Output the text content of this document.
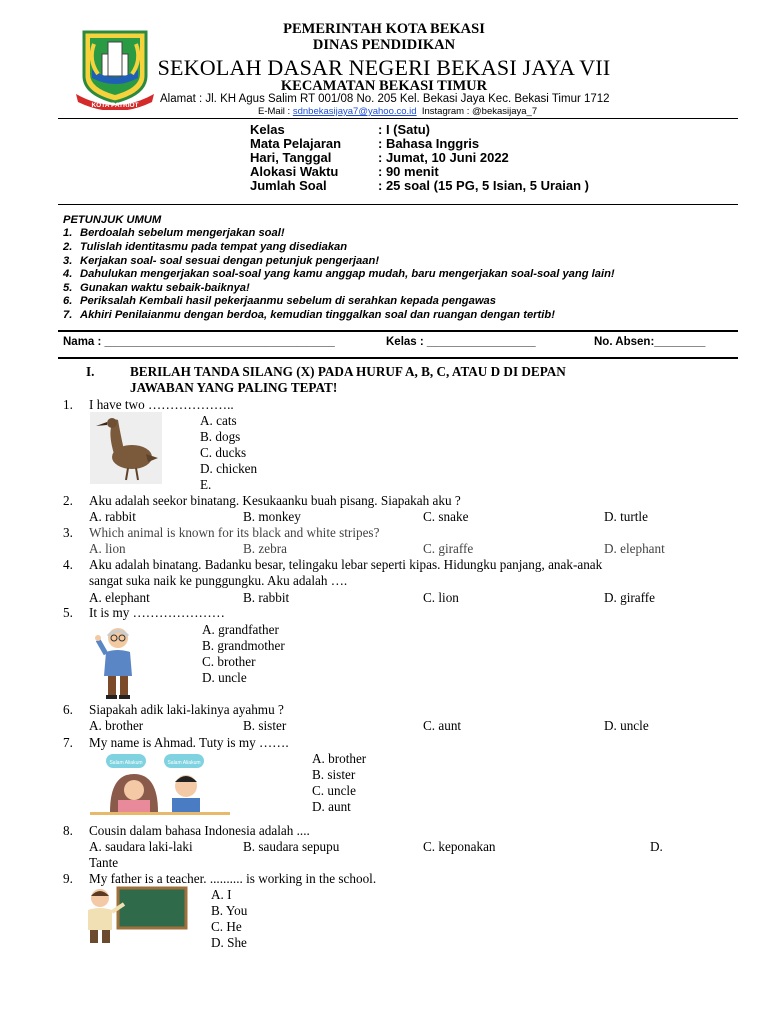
KOTA PATRIOT
PEMERINTAH KOTA BEKASI
DINAS PENDIDIKAN
SEKOLAH DASAR NEGERI BEKASI JAYA VII
KECAMATAN BEKASI TIMUR
Alamat : Jl. KH Agus Salim RT 001/08 No. 205 Kel. Bekasi Jaya Kec. Bekasi Timur 1712
E-Mail : sdnbekasijaya7@yahoo.co.id Instagram : @bekasijaya_7
Kelas	: I (Satu)
Mata Pelajaran	: Bahasa Inggris
Hari, Tanggal	: Jumat, 10 Juni 2022
Alokasi Waktu	: 90 menit
Jumlah Soal	: 25 soal (15 PG, 5 Isian, 5 Uraian )
PETUNJUK UMUM
1. Berdoalah sebelum mengerjakan soal!
2. Tulislah identitasmu pada tempat yang disediakan
3. Kerjakan soal- soal sesuai dengan petunjuk pengerjaan!
4. Dahulukan mengerjakan soal-soal yang kamu anggap mudah, baru mengerjakan soal-soal yang lain!
5. Gunakan waktu sebaik-baiknya!
6. Periksalah Kembali hasil pekerjaanmu sebelum di serahkan kepada pengawas
7. Akhiri Penilaianmu dengan berdoa, kemudian tinggalkan soal dan ruangan dengan tertib!
Nama : ____________________________________	Kelas : _________________	No. Absen:________
I.	BERILAH TANDA SILANG (X) PADA HURUF A, B, C, ATAU D DI DEPAN
JAWABAN YANG PALING TEPAT!
1. I have two ………………..
A. cats
B. dogs
C. ducks
D. chicken
E.
2. Aku adalah seekor binatang. Kesukaanku buah pisang. Siapakah aku ?
A. rabbit	B. monkey	C. snake	D. turtle
3. Which animal is known for its black and white stripes?
A. lion	B. zebra	C. giraffe	D. elephant
4. Aku adalah binatang. Badanku besar, telingaku lebar seperti kipas. Hidungku panjang, anak-anak
sangat suka naik ke punggungku. Aku adalah ….
A. elephant	B. rabbit	C. lion	D. giraffe
5. It is my …………………
A. grandfather
B. grandmother
C. brother
D. uncle
6. Siapakah adik laki-lakinya ayahmu ?
A. brother	B. sister	C. aunt	D. uncle
7. My name is Ahmad. Tuty is my …….
Salam Aliakum	Salam Aliakum	A. brother
B. sister
C. uncle
D. aunt
8. Cousin dalam bahasa Indonesia adalah ....
A. saudara laki-laki	B. saudara sepupu	C. keponakan	D.
Tante
9. My father is a teacher. .......... is working in the school.
A. I
B. You
C. He
D. She
